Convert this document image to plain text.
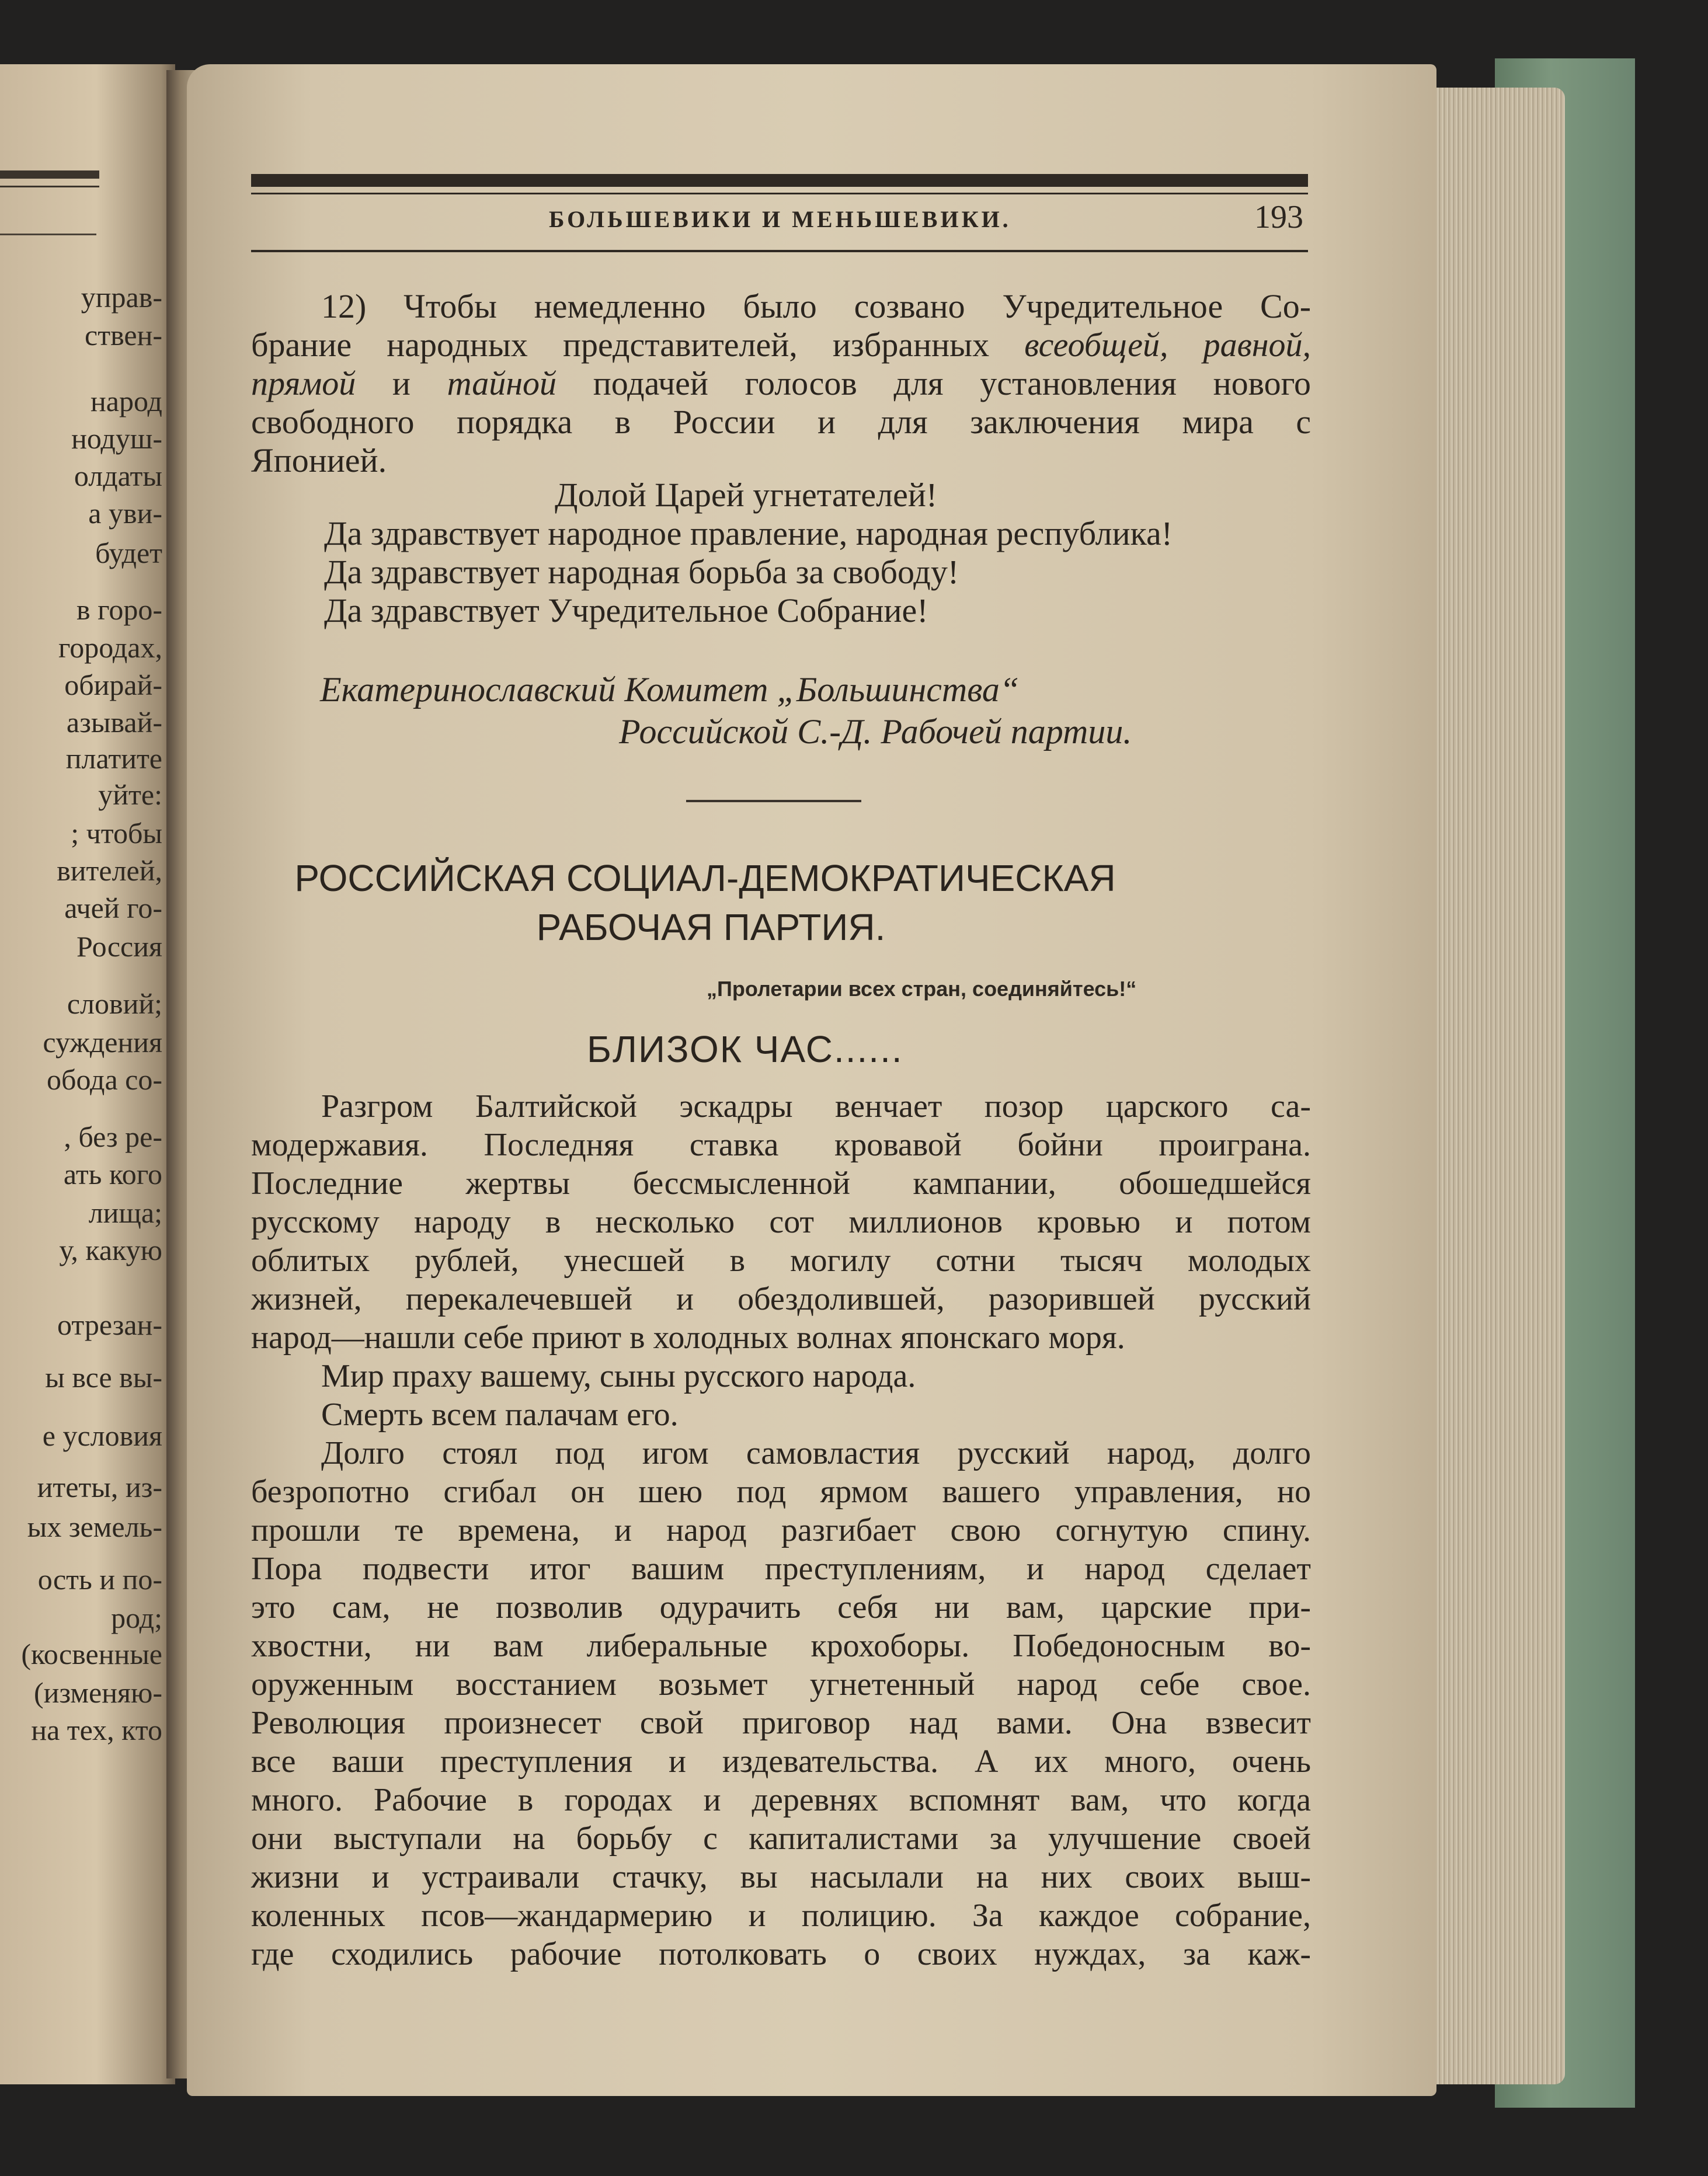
управ-
ствен-
народ
нодуш-
олдаты
а уви-
будет
в горо-
городах,
обирай-
азывай-
платите
уйте:
; чтобы
вителей,
ачей го-
Россия
словий;
суждения
обода со-
, без ре-
ать кого
лища;
у, какую
отрезан-
ы все вы-
е условия
итеты, из-
ых земель-
ость и по-
род;
(косвенные
(изменяю-
на тех, кто
БОЛЬШЕВИКИ И МЕНЬШЕВИКИ.	193
12) Чтобы немедленно было созвано Учредительное Со-
брание народных представителей, избранных всеобщей, равной,
прямой и тайной подачей голосов для установления нового
свободного порядка в России и для заключения мира с
Японией.
Долой Царей угнетателей!
Да здравствует народное правление, народная республика!
Да здравствует народная борьба за свободу!
Да здравствует Учредительное Собрание!
Екатеринославский Комитет „Большинства“
Российской С.-Д. Рабочей партии.
РОССИЙСКАЯ СОЦИАЛ-ДЕМОКРАТИЧЕСКАЯ
РАБОЧАЯ ПАРТИЯ.
„Пролетарии всех стран, соединяйтесь!“
БЛИЗОК ЧАС......
Разгром Балтийской эскадры венчает позор царского са-
модержавия. Последняя ставка кровавой бойни проиграна.
Последние жертвы бессмысленной кампании, обошедшейся
русскому народу в несколько сот миллионов кровью и потом
облитых рублей, унесшей в могилу сотни тысяч молодых
жизней, перекалечевшей и обездолившей, разорившей русский
народ—нашли себе приют в холодных волнах японскаго моря.
Мир праху вашему, сыны русского народа.
Смерть всем палачам его.
Долго стоял под игом самовластия русский народ, долго
безропотно сгибал он шею под ярмом вашего управления, но
прошли те времена, и народ разгибает свою согнутую спину.
Пора подвести итог вашим преступлениям, и народ сделает
это сам, не позволив одурачить себя ни вам, царские при-
хвостни, ни вам либеральные крохоборы. Победоносным во-
оруженным восстанием возьмет угнетенный народ себе свое.
Революция произнесет свой приговор над вами. Она взвесит
все ваши преступления и издевательства. А их много, очень
много. Рабочие в городах и деревнях вспомнят вам, что когда
они выступали на борьбу с капиталистами за улучшение своей
жизни и устраивали стачку, вы насылали на них своих выш-
коленных псов—жандармерию и полицию. За каждое собрание,
где сходились рабочие потолковать о своих нуждах, за каж-
